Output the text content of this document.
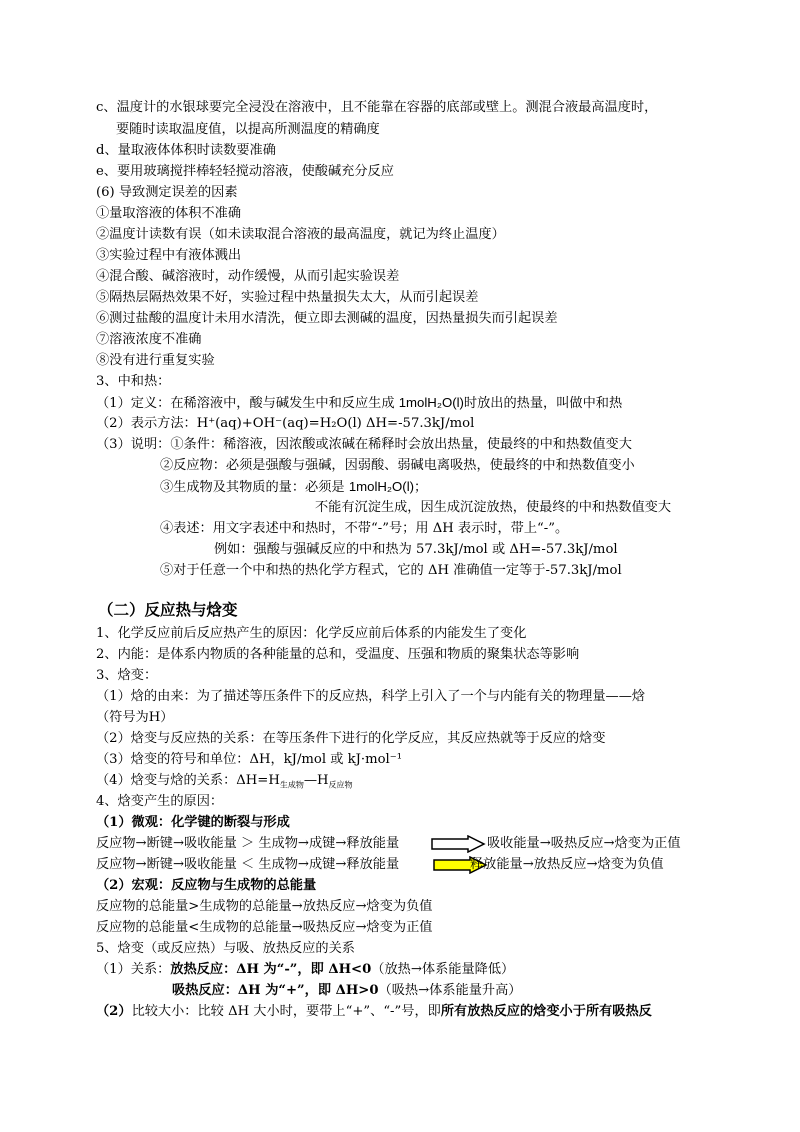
c、温度计的水银球要完全浸没在溶液中，且不能靠在容器的底部或壁上。测混合液最高温度时，
要随时读取温度值，以提高所测温度的精确度
d、量取液体体积时读数要准确
e、要用玻璃搅拌棒轻轻搅动溶液，使酸碱充分反应
(6) 导致测定误差的因素
①量取溶液的体积不准确
②温度计读数有误（如未读取混合溶液的最高温度，就记为终止温度）
③实验过程中有液体溅出
④混合酸、碱溶液时，动作缓慢，从而引起实验误差
⑤隔热层隔热效果不好，实验过程中热量损失太大，从而引起误差
⑥测过盐酸的温度计未用水清洗，便立即去测碱的温度，因热量损失而引起误差
⑦溶液浓度不准确
⑧没有进行重复实验
3、中和热：
（1）定义：在稀溶液中，酸与碱发生中和反应生成 1molH₂O(l)时放出的热量，叫做中和热
（2）表示方法：H⁺(aq)+OH⁻(aq)=H₂O(l) ΔH=-57.3kJ/mol
（3）说明：①条件：稀溶液，因浓酸或浓碱在稀释时会放出热量，使最终的中和热数值变大
②反应物：必须是强酸与强碱，因弱酸、弱碱电离吸热，使最终的中和热数值变小
③生成物及其物质的量：必须是 1molH₂O(l)；
不能有沉淀生成，因生成沉淀放热，使最终的中和热数值变大
④表述：用文字表述中和热时，不带“-”号；用 ΔH 表示时，带上“-”。
例如：强酸与强碱反应的中和热为 57.3kJ/mol 或 ΔH=-57.3kJ/mol
⑤对于任意一个中和热的热化学方程式，它的 ΔH 准确值一定等于-57.3kJ/mol
（二）反应热与焓变
1、化学反应前后反应热产生的原因：化学反应前后体系的内能发生了变化
2、内能：是体系内物质的各种能量的总和，受温度、压强和物质的聚集状态等影响
3、焓变：
（1）焓的由来：为了描述等压条件下的反应热，科学上引入了一个与内能有关的物理量——焓
（符号为H）
（2）焓变与反应热的关系：在等压条件下进行的化学反应，其反应热就等于反应的焓变
（3）焓变的符号和单位：ΔH，kJ/mol 或 kJ·mol⁻¹
（4）焓变与焓的关系：$\Delta H=H_{生成物}—H_{反应物}$
4、焓变产生的原因：
（1）微观：化学键的断裂与形成
反应物→断键→吸收能量 ＞ 生成物→成键→释放能量	吸收能量→吸热反应→焓变为正值
反应物→断键→吸收能量 ＜ 生成物→成键→释放能量	释放能量→放热反应→焓变为负值
（2）宏观：反应物与生成物的总能量
反应物的总能量>生成物的总能量→放热反应→焓变为负值
反应物的总能量<生成物的总能量→吸热反应→焓变为正值
5、焓变（或反应热）与吸、放热反应的关系
（1）关系：放热反应：ΔH 为“-”，即 ΔH<0（放热→体系能量降低）
吸热反应：ΔH 为“+”，即 ΔH>0（吸热→体系能量升高）
（2）比较大小：比较 ΔH 大小时，要带上“+”、“-”号，即所有放热反应的焓变小于所有吸热反
